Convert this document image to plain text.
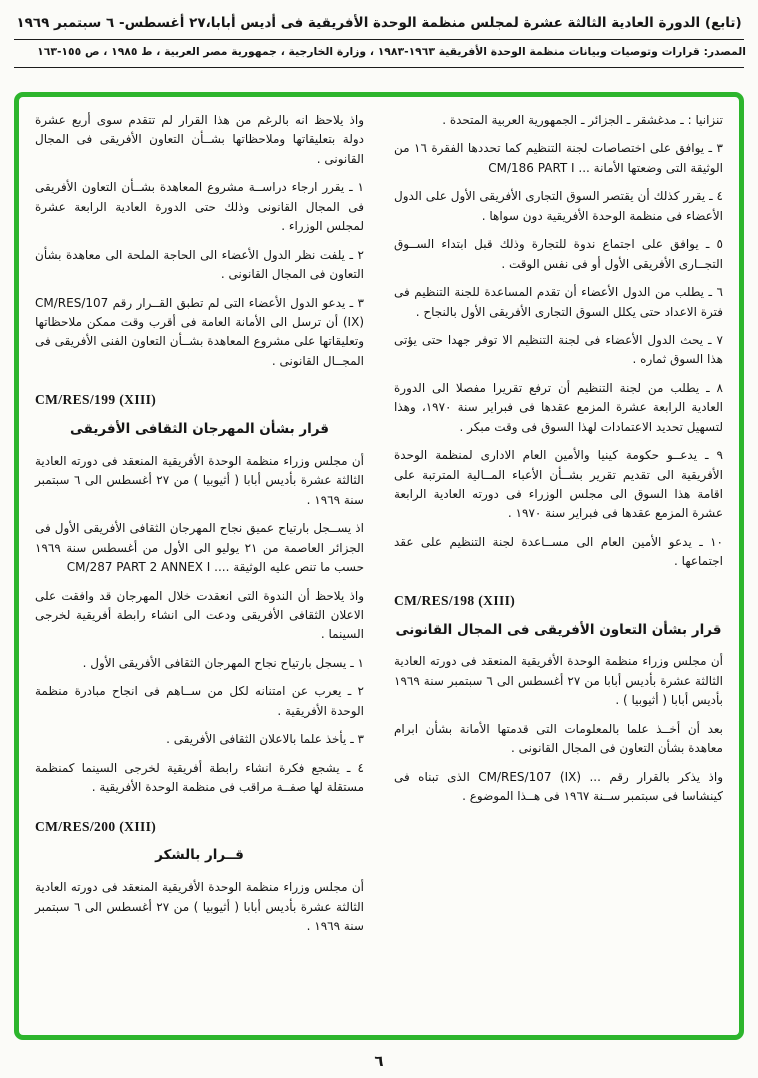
(تابع) الدورة العادية الثالثة عشرة لمجلس منظمة الوحدة الأفريقية فى أديس أبابا،٢٧ أغسطس- ٦ سبتمبر ١٩٦٩
المصدر: قرارات وتوصيات وبيانات منظمة الوحدة الأفريقية ١٩٦٣-١٩٨٣ ، وزارة الخارجية ، جمهورية مصر العربية ، ط ١٩٨٥ ، ص ١٥٥-١٦٣

تنزانيا : ـ مدغشقر ـ الجزائر ـ الجمهورية العربية المتحدة .

٣ ـ يوافق على اختصاصات لجنة التنظيم كما تحددها الفقرة ١٦ من الوثيقة التى وضعتها الأمانة ‎CM/186 PART I ...‎

٤ ـ يقرر كذلك أن يقتصر السوق التجارى الأفريقى الأول على الدول الأعضاء فى منظمة الوحدة الأفريقية دون سواها .

٥ ـ يوافق على اجتماع ندوة للتجارة وذلك قبل ابتداء الســوق التجــارى الأفريقى الأول أو فى نفس الوقت .

٦ ـ يطلب من الدول الأعضاء أن تقدم المساعدة للجنة التنظيم فى فترة الاعداد حتى يكلل السوق التجارى الأفريقى الأول بالنجاح .

٧ ـ يحث الدول الأعضاء فى لجنة التنظيم الا توفر جهدا حتى يؤتى هذا السوق ثماره .

٨ ـ يطلب من لجنة التنظيم أن ترفع تقريرا مفصلا الى الدورة العادية الرابعة عشرة المزمع عقدها فى فبراير سنة ١٩٧٠، وهذا لتسهيل تحديد الاعتمادات لهذا السوق فى وقت مبكر .

٩ ـ يدعــو حكومة كينيا والأمين العام الادارى لمنظمة الوحدة الأفريقية الى تقديم تقرير بشــأن الأعباء المــالية المترتبة على اقامة هذا السوق الى مجلس الوزراء فى دورته العادية الرابعة عشرة المزمع عقدها فى فبراير سنة ١٩٧٠ .

١٠ ـ يدعو الأمين العام الى مســاعدة لجنة التنظيم على عقد اجتماعها .

CM/RES/198 (XIII)

قرار بشأن التعاون الأفريقى فى المجال القانونى

أن مجلس وزراء منظمة الوحدة الأفريقية المنعقد فى دورته العادية الثالثة عشرة بأديس أبابا من ٢٧ أغسطس الى ٦ سبتمبر سنة ١٩٦٩ بأديس أبابا ( أثيوبيا ) .

بعد أن أخــذ علما بالمعلومات التى قدمتها الأمانة بشأن ابرام معاهدة بشأن التعاون فى المجال القانونى .

واذ يذكر بالقرار رقم ... ‎CM/RES/107 (IX)‎ الذى تبناه فى كينشاسا فى سبتمبر ســنة ١٩٦٧ فى هــذا الموضوع .

واذ يلاحظ انه بالرغم من هذا القرار لم تتقدم سوى أربع عشرة دولة بتعليقاتها وملاحظاتها بشــأن التعاون الأفريقى فى المجال القانونى .

١ ـ يقرر ارجاء دراســة مشروع المعاهدة بشــأن التعاون الأفريقى فى المجال القانونى وذلك حتى الدورة العادية الرابعة عشرة لمجلس الوزراء .

٢ ـ يلفت نظر الدول الأعضاء الى الحاجة الملحة الى معاهدة بشأن التعاون فى المجال القانونى .

٣ ـ يدعو الدول الأعضاء التى لم تطبق القــرار رقم ‎CM/RES/107 (IX)‎ أن ترسل الى الأمانة العامة فى أقرب وقت ممكن ملاحظاتها وتعليقاتها على مشروع المعاهدة بشــأن التعاون الفنى الأفريقى فى المجــال القانونى .

CM/RES/199 (XIII)

قرار بشأن المهرجان الثقافى الأفريقى

أن مجلس وزراء منظمة الوحدة الأفريقية المنعقد فى دورته العادية الثالثة عشرة بأديس أبابا ( أثيوبيا ) من ٢٧ أغسطس الى ٦ سبتمبر سنة ١٩٦٩ .

اذ يســجل بارتياح عميق نجاح المهرجان الثقافى الأفريقى الأول فى الجزائر العاصمة من ٢١ يوليو الى الأول من أغسطس سنة ١٩٦٩ حسب ما تنص عليه الوثيقة .... ‎CM/287 PART 2 ANNEX I‎

واذ يلاحظ أن الندوة التى انعقدت خلال المهرجان قد وافقت على الاعلان الثقافى الأفريقى ودعت الى انشاء رابطة أفريقية لخرجى السينما .

١ ـ يسجل بارتياح نجاح المهرجان الثقافى الأفريقى الأول .

٢ ـ يعرب عن امتنانه لكل من ســاهم فى انجاح مبادرة منظمة الوحدة الأفريقية .

٣ ـ يأخذ علما بالاعلان الثقافى الأفريقى .

٤ ـ يشجع فكرة انشاء رابطة أفريقية لخرجى السينما كمنظمة مستقلة لها صفــة مراقب فى منظمة الوحدة الأفريقية .

CM/RES/200 (XIII)

قــرار بالشكر

أن مجلس وزراء منظمة الوحدة الأفريقية المنعقد فى دورته العادية الثالثة عشرة بأديس أبابا ( أثيوبيا ) من ٢٧ أغسطس الى ٦ سبتمبر سنة ١٩٦٩ .

٦
